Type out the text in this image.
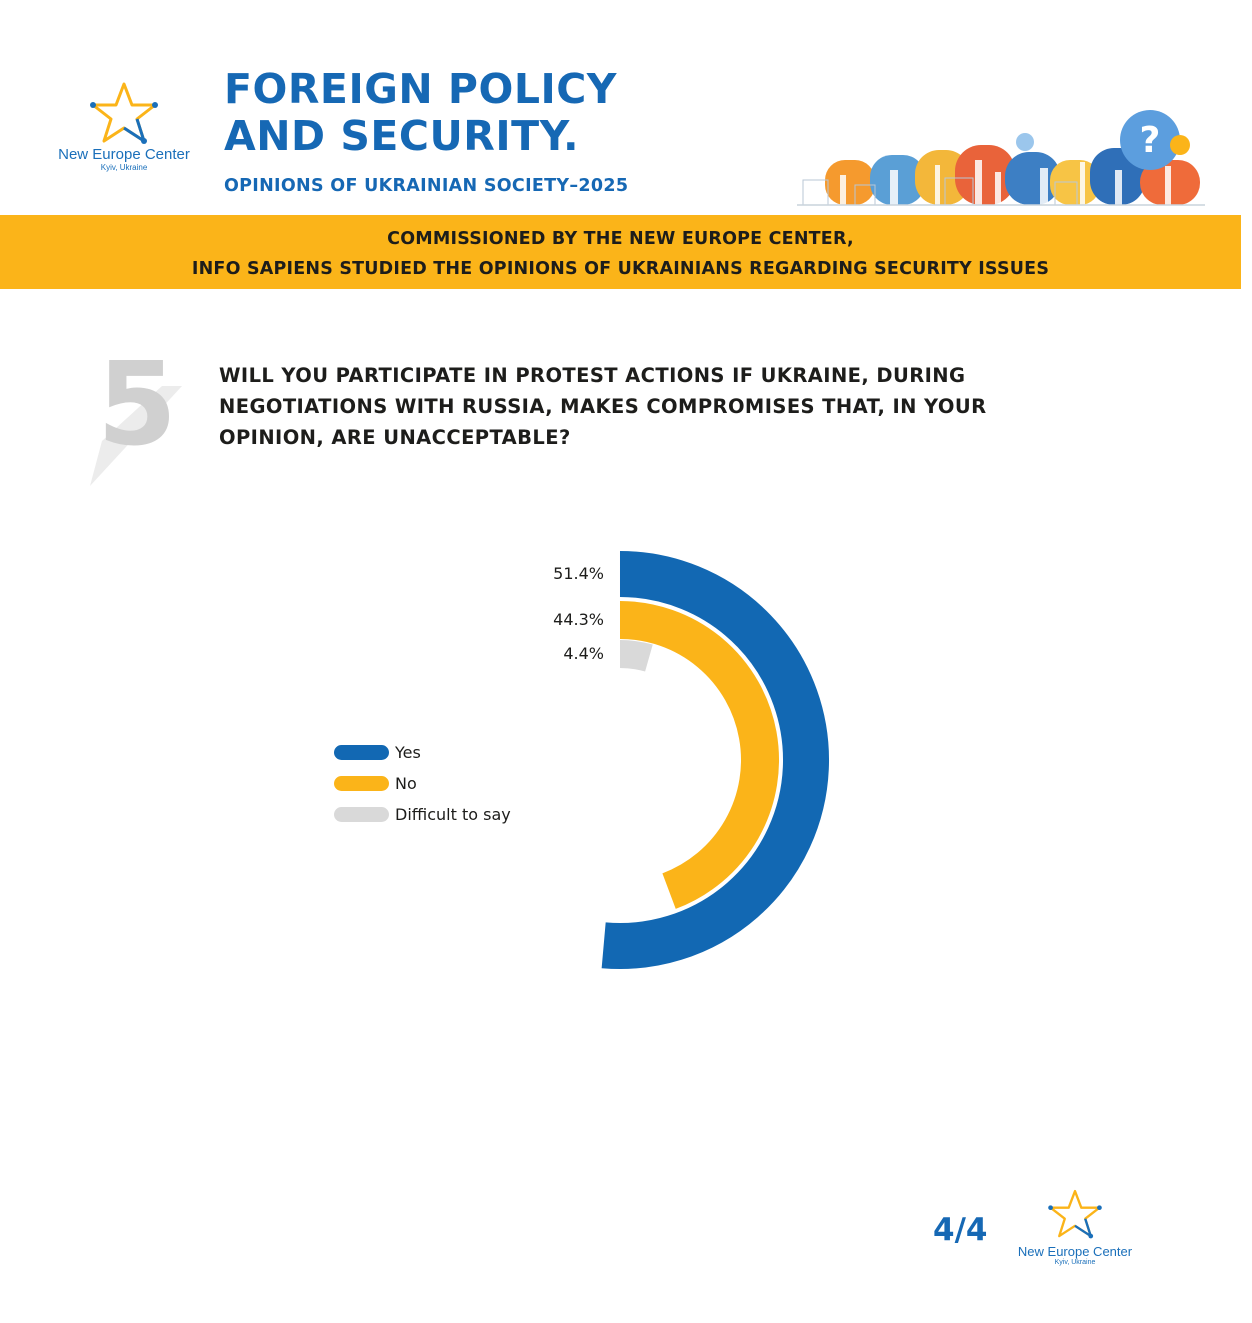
New Europe Center
Kyiv, Ukraine
FOREIGN POLICY
AND SECURITY.
OPINIONS OF UKRAINIAN SOCIETY–2025
?
COMMISSIONED BY THE NEW EUROPE CENTER,
INFO SAPIENS STUDIED THE OPINIONS OF UKRAINIANS REGARDING SECURITY ISSUES
5 WILL YOU PARTICIPATE IN PROTEST ACTIONS IF UKRAINE, DURING NEGOTIATIONS WITH RUSSIA, MAKES COMPROMISES THAT, IN YOUR OPINION, ARE UNACCEPTABLE?
Yes
No
Difficult to say
4/4
New Europe Center
Kyiv, Ukraine
51.4%
44.3%
4.4%
